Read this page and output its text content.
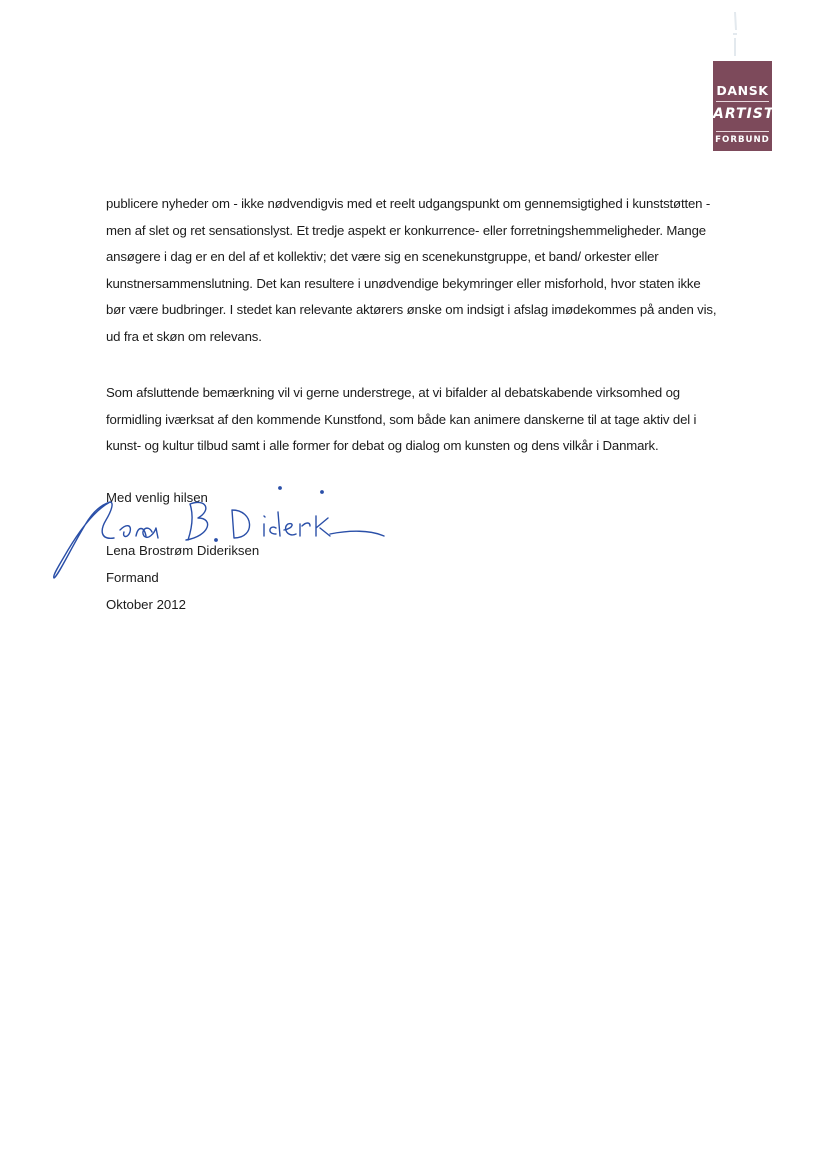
DANSK
ARTIST
FORBUND

publicere nyheder om - ikke nødvendigvis med et reelt udgangspunkt om gennemsigtighed i kunststøtten -
men af slet og ret sensationslyst. Et tredje aspekt er konkurrence- eller forretningshemmeligheder. Mange
ansøgere i dag er en del af et kollektiv; det være sig en scenekunstgruppe, et band/ orkester eller
kunstnersammenslutning. Det kan resultere i unødvendige bekymringer eller misforhold, hvor staten ikke
bør være budbringer. I stedet kan relevante aktørers ønske om indsigt i afslag imødekommes på anden vis,
ud fra et skøn om relevans.

Som afsluttende bemærkning vil vi gerne understrege, at vi bifalder al debatskabende virksomhed og
formidling iværksat af den kommende Kunstfond, som både kan animere danskerne til at tage aktiv del i
kunst- og kultur tilbud samt i alle former for debat og dialog om kunsten og dens vilkår i Danmark.

Med venlig hilsen
Lena Brostrøm Dideriksen
Formand
Oktober 2012
